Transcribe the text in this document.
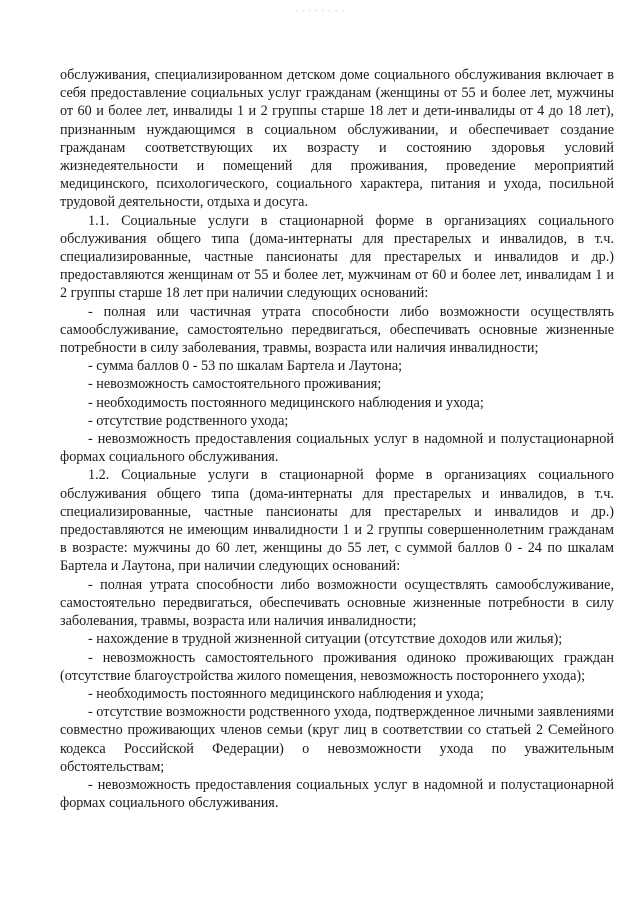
- - - - - - - -

обслуживания, специализированном детском доме социального обслуживания включает в себя предоставление социальных услуг гражданам (женщины от 55 и более лет, мужчины от 60 и более лет, инвалиды 1 и 2 группы старше 18 лет и дети-инвалиды от 4 до 18 лет), признанным нуждающимся в социальном обслуживании, и обеспечивает создание гражданам соответствующих их возрасту и состоянию здоровья условий жизнедеятельности и помещений для проживания, проведение мероприятий медицинского, психологического, социального характера, питания и ухода, посильной трудовой деятельности, отдыха и досуга.

1.1. Социальные услуги в стационарной форме в организациях социального обслуживания общего типа (дома-интернаты для престарелых и инвалидов, в т.ч. специализированные, частные пансионаты для престарелых и инвалидов и др.) предоставляются женщинам от 55 и более лет, мужчинам от 60 и более лет, инвалидам 1 и 2 группы старше 18 лет при наличии следующих оснований:

- полная или частичная утрата способности либо возможности осуществлять самообслуживание, самостоятельно передвигаться, обеспечивать основные жизненные потребности в силу заболевания, травмы, возраста или наличия инвалидности;

- сумма баллов 0 - 53 по шкалам Бартела и Лаутона;

- невозможность самостоятельного проживания;

- необходимость постоянного медицинского наблюдения и ухода;

- отсутствие родственного ухода;

- невозможность предоставления социальных услуг в надомной и полустационарной формах социального обслуживания.

1.2. Социальные услуги в стационарной форме в организациях социального обслуживания общего типа (дома-интернаты для престарелых и инвалидов, в т.ч. специализированные, частные пансионаты для престарелых и инвалидов и др.) предоставляются не имеющим инвалидности 1 и 2 группы совершеннолетним гражданам в возрасте: мужчины до 60 лет, женщины до 55 лет, с суммой баллов 0 - 24 по шкалам Бартела и Лаутона, при наличии следующих оснований:

- полная утрата способности либо возможности осуществлять самообслуживание, самостоятельно передвигаться, обеспечивать основные жизненные потребности в силу заболевания, травмы, возраста или наличия инвалидности;

- нахождение в трудной жизненной ситуации (отсутствие доходов или жилья);

- невозможность самостоятельного проживания одиноко проживающих граждан (отсутствие благоустройства жилого помещения, невозможность постороннего ухода);

- необходимость постоянного медицинского наблюдения и ухода;

- отсутствие возможности родственного ухода, подтвержденное личными заявлениями совместно проживающих членов семьи (круг лиц в соответствии со статьей 2 Семейного кодекса Российской Федерации) о невозможности ухода по уважительным обстоятельствам;

- невозможность предоставления социальных услуг в надомной и полустационарной формах социального обслуживания.
